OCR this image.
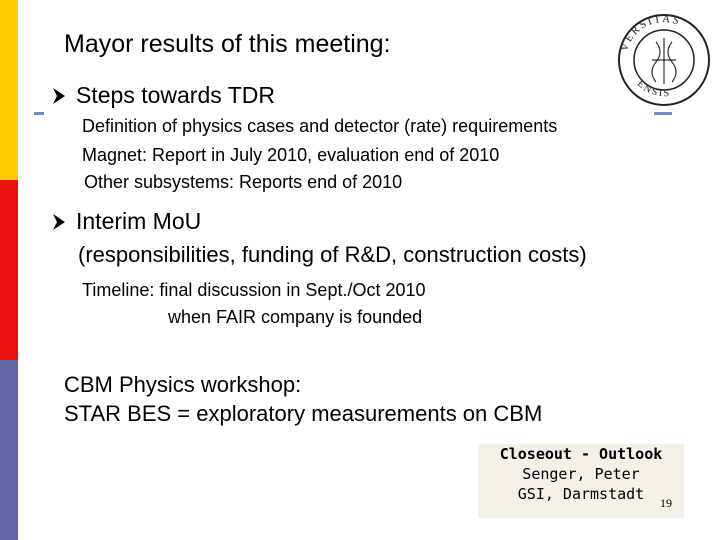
Mayor results of this meeting:	VERSITAS
ENSIS
Steps towards TDR
Definition of physics cases and detector (rate) requirements
Magnet: Report in July 2010, evaluation end of 2010
Other subsystems: Reports end of 2010
Interim MoU
(responsibilities, funding of R&D, construction costs)
Timeline: final discussion in Sept./Oct 2010
when FAIR company is founded
CBM Physics workshop:
STAR BES = exploratory measurements on CBM
Closeout - Outlook
Senger, Peter
GSI, Darmstadt	19
